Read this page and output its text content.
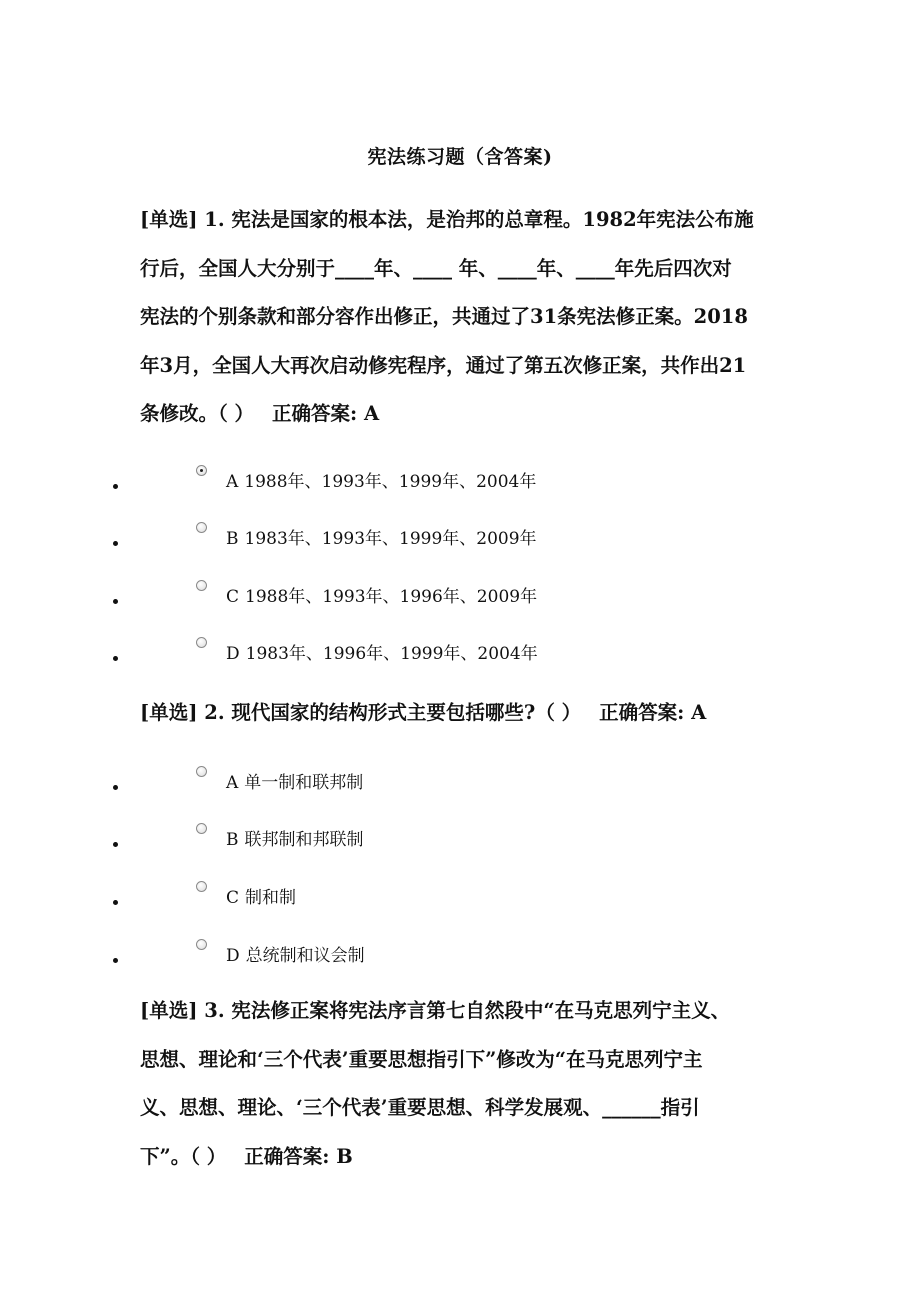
宪法练习题（含答案)
[单选] 1. 宪法是国家的根本法，是治邦的总章程。1982年宪法公布施
行后，全国人大分别于____年、____ 年、____年、____年先后四次对
宪法的个别条款和部分容作出修正，共通过了31条宪法修正案。2018
年3月，全国人大再次启动修宪程序，通过了第五次修正案，共作出21
条修改。（ ） 正确答案: A
A 1988年、1993年、1999年、2004年
B 1983年、1993年、1999年、2009年
C 1988年、1993年、1996年、2009年
D 1983年、1996年、1999年、2004年
[单选] 2. 现代国家的结构形式主要包括哪些?（ ） 正确答案: A
A 单一制和联邦制
B 联邦制和邦联制
C 制和制
D 总统制和议会制
[单选] 3. 宪法修正案将宪法序言第七自然段中“在马克思列宁主义、
思想、理论和‘三个代表’重要思想指引下”修改为“在马克思列宁主
义、思想、理论、‘三个代表’重要思想、科学发展观、______指引
下”。（ ） 正确答案: B
